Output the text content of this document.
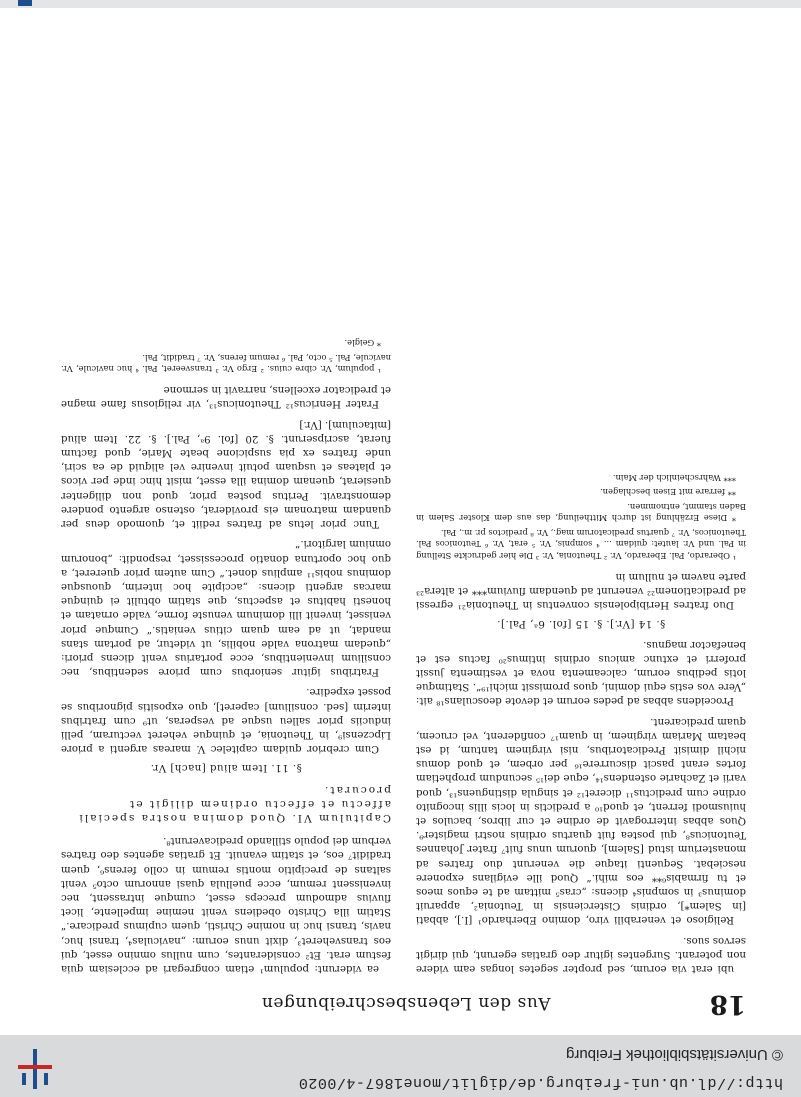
http://dl.ub.uni-freiburg.de/diglit/mone1867-4/0020
© Universitätsbibliothek Freiburg
18
Aus den Lebensbeschreibungen

ubi erat via eorum, sed propter segetes longas eam videre non poterant. Surgentes igitur deo gratias egerunt, qui dirigit servos suos.

Religioso et venerabili viro, domino Eberhardo¹ [I.], abbati [in Salem*], ordinis Cisterciensis in Teutonia², apparuit dominus³ in sompnis⁴ dicens: „cras⁵ mittam ad te equos meos et tu firmabis⁶** eos mihi.“ Quod ille evigilans exponere nesciebat. Sequenti itaque die venerunt duo fratres ad monasterium istud [Salem], quorum unus fuit⁷ frater Johannes Teutonicus⁸, qui postea fuit quartus ordinis nostri magister⁹. Quos abbas interrogavit de ordine et cur libros, baculos et huiusmodi ferrent, et quod¹⁰ a predictis in locis illis incognito ordine cum predictus¹¹ diceret¹² et singula distinguens¹³, quod varii et Zacharie ostendens¹⁴, eque dei¹⁵ secundum prophetiam fortes erant pascit discurrere¹⁶ per orbem, et quod domus nichil dimisit Predicatoribus, nisi virginem tantum, id est beatam Mariam virginem, in quam¹⁷ confiderent, vel crucem, quam predicarent.

Proceidens abbas ad pedes eorum et devote deosculans¹⁸ ait: „Vere vos estis equi domini, quos promissit michi¹⁹“. Statimque lotis pedibus eorum, calceamenta nova et vestimenta jussit proferri et extunc amicus ordinis intimus²⁰ factus est et benefactor magnus.

§. 14 [Vr.]. §. 15 [fol. 6ᵃ, Pal.].

Duo fratres Heribipolensis conventus in Theutonia²¹ egressi ad predicationem²² venerunt ad quendam fluvium*** et altera²³ parte navem et nullum in

¹ Oberardo, Pal. Eberardo, Vr. ² Theutonia, Vr. ³ Die hier gedruckte Stellung in Pal. und Vr. lautet: quidam ... ⁴ sompnis, Vr. ⁵ erat, Vr. ⁶ Teutonicos Pal. Theutonicos, Vr. ⁷ quartus predicatorum mag., Vr. ⁸ predictos pr. m., Pal.

* Diese Erzählung ist durch Mittheilung, das aus dem Kloster Salem in Baden stammt, entnommen.

** ferrare mit Eisen beschlagen.

*** Wahrscheinlich der Main.

ea viderunt: populum¹ etiam congregari ad ecclesiam quia festum erat. Et² considerantes, cum nullus omnino esset, qui eos transveheret³, dixit unus eorum: „naviculas⁴, transi huc, navis, transi huc in nomine Christi, quem cupimus predicare.“ Statim illa Christo obediens venit nemine impellente, licet fluvius admodum preceps esset, cumque intrassent, nec invenissent remum, ecce puellula quasi annorum octo⁵ venit saltans de precipitio montis remum in collo ferens⁶, quem tradidit⁷ eos, et statim evanuit. Et gratias agentes deo fratres verbum dei populo stillando predicaverunt⁸.

Capitulum VI. Quod domina nostra speciali affectu et effectu ordinem diligit et procurat.

§. 11. Item aliud [nach] Vr.

Cum crebrior quidam capitelec V. mareas argenti a priore Lipczensi⁹, in Theutonia, et quinque veheret vecturam, pelli induciis prior salleu usque ad vesperas, ut⁹ cum fratribus interim [sed. consilium] caperet], quo expositis pignoribus se posset expedire.

Fratribus igitur seniorbus cum priore sedentibus, nec consilium invenientibus, ecce portarius venit dicens priori: „quedam matrona valde nobilis, ut videtur, ad portam stans mandat, ut ad eam quam citius veniatis.“ Cumque prior venisset, invenit illi dominum venuste forme, valde ornatam et honesti habitus et aspectus, que statim obtulit ei quinque marcas argenti dicens: „accipite hoc interim, quousque dominus nobis¹¹ amplius donet.“ Cum autem prior quereret, a quo hoc oportuna donatio processisset, respondit: „bonorum omnium largitori.“

Tunc prior letus ad fratres rediit et, quomodo deus per quandam matronam eis providerat, ostenso argento pondere demonstravit. Peritus postea prior, quod non diligenter quesierat, quenam domina illa esset, misit hinc inde per vicos et plateas et usquam potuit invenire vel aliquid de ea sciri, unde fratres ex pia suspicione beate Marie, quod factum fuerat, ascripserunt. §. 20 [fol. 9ᵃ, Pal.]. §. 22. Item aliud [mitaculum]. [Vr.]

Frater Henricus¹² Theutonicus¹³, vir religiosus fame magne et predicator excellens, narravit in sermone

¹ populum, Vr. cibre cuius. ² Ergo Vr. ³ transveeret, Pal. ⁴ huc navicule, Vr. navicule, Pal. ⁵ octo, Pal. ⁶ remum ferens, Vr. ⁷ tradidit, Pal.

* Geigle.
